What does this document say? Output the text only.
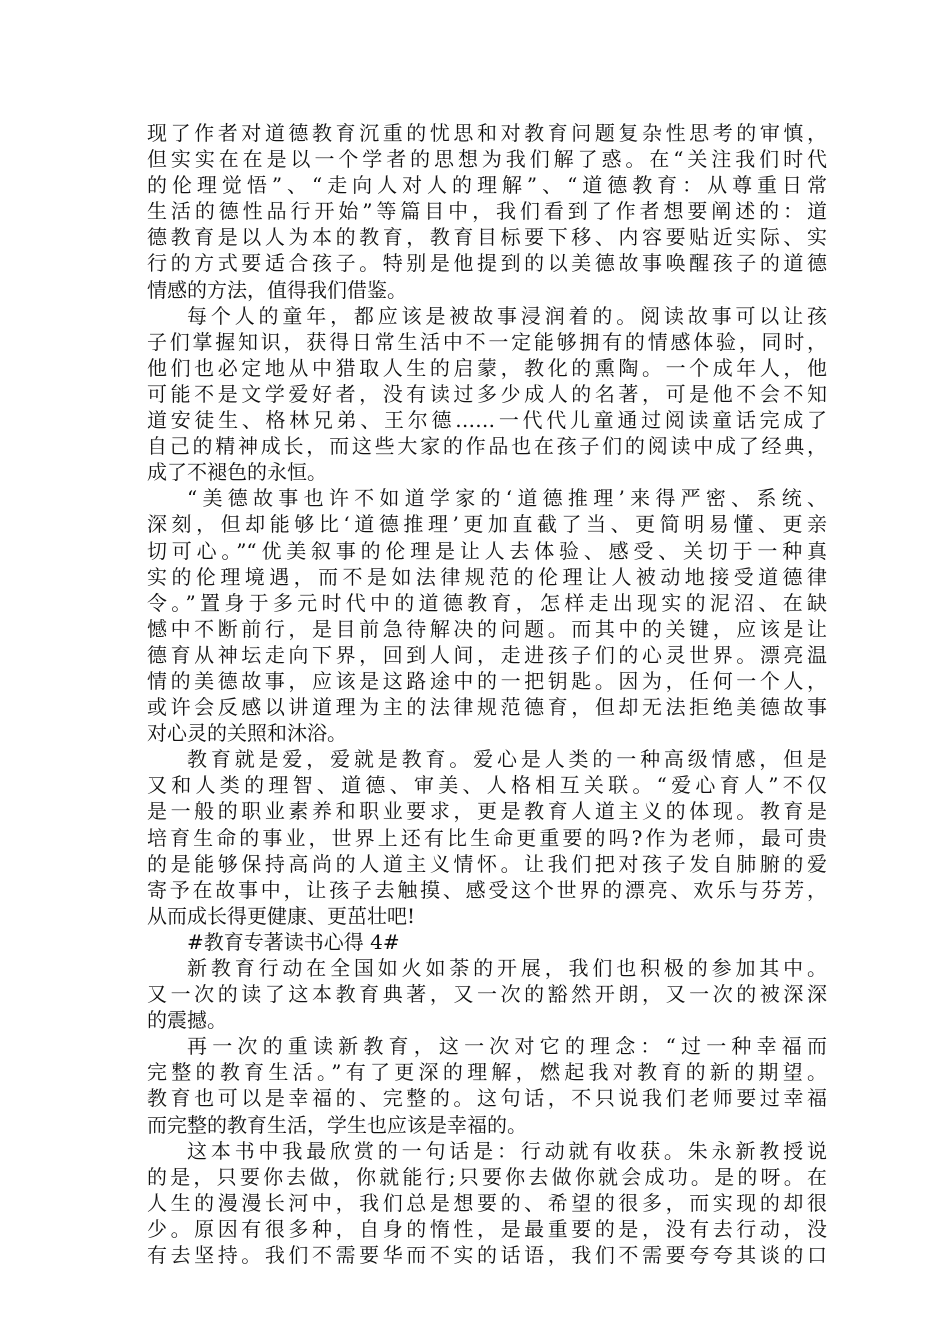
现了作者对道德教育沉重的忧思和对教育问题复杂性思考的审慎，
但实实在在是以一个学者的思想为我们解了惑。在“关注我们时代
的伦理觉悟”、“走向人对人的理解”、“道德教育：从尊重日常
生活的德性品行开始”等篇目中，我们看到了作者想要阐述的：道
德教育是以人为本的教育，教育目标要下移、内容要贴近实际、实
行的方式要适合孩子。特别是他提到的以美德故事唤醒孩子的道德
情感的方法，值得我们借鉴。
每个人的童年，都应该是被故事浸润着的。阅读故事可以让孩
子们掌握知识，获得日常生活中不一定能够拥有的情感体验，同时，
他们也必定地从中猎取人生的启蒙，教化的熏陶。一个成年人，他
可能不是文学爱好者，没有读过多少成人的名著，可是他不会不知
道安徒生、格林兄弟、王尔德……一代代儿童通过阅读童话完成了
自己的精神成长，而这些大家的作品也在孩子们的阅读中成了经典，
成了不褪色的永恒。
“美德故事也许不如道学家的‘道德推理’来得严密、系统、
深刻，但却能够比‘道德推理’更加直截了当、更简明易懂、更亲
切可心。”“优美叙事的伦理是让人去体验、感受、关切于一种真
实的伦理境遇，而不是如法律规范的伦理让人被动地接受道德律
令。”置身于多元时代中的道德教育，怎样走出现实的泥沼、在缺
憾中不断前行，是目前急待解决的问题。而其中的关键，应该是让
德育从神坛走向下界，回到人间，走进孩子们的心灵世界。漂亮温
情的美德故事，应该是这路途中的一把钥匙。因为，任何一个人，
或许会反感以讲道理为主的法律规范德育，但却无法拒绝美德故事
对心灵的关照和沐浴。
教育就是爱，爱就是教育。爱心是人类的一种高级情感，但是
又和人类的理智、道德、审美、人格相互关联。“爱心育人”不仅
是一般的职业素养和职业要求，更是教育人道主义的体现。教育是
培育生命的事业，世界上还有比生命更重要的吗?作为老师，最可贵
的是能够保持高尚的人道主义情怀。让我们把对孩子发自肺腑的爱
寄予在故事中，让孩子去触摸、感受这个世界的漂亮、欢乐与芬芳，
从而成长得更健康、更茁壮吧!
#教育专著读书心得 4#
新教育行动在全国如火如荼的开展，我们也积极的参加其中。
又一次的读了这本教育典著，又一次的豁然开朗，又一次的被深深
的震撼。
再一次的重读新教育，这一次对它的理念：“过一种幸福而
完整的教育生活。”有了更深的理解，燃起我对教育的新的期望。
教育也可以是幸福的、完整的。这句话，不只说我们老师要过幸福
而完整的教育生活，学生也应该是幸福的。
这本书中我最欣赏的一句话是：行动就有收获。朱永新教授说
的是，只要你去做，你就能行;只要你去做你就会成功。是的呀。在
人生的漫漫长河中，我们总是想要的、希望的很多，而实现的却很
少。原因有很多种，自身的惰性，是最重要的是，没有去行动，没
有去坚持。我们不需要华而不实的话语，我们不需要夸夸其谈的口
